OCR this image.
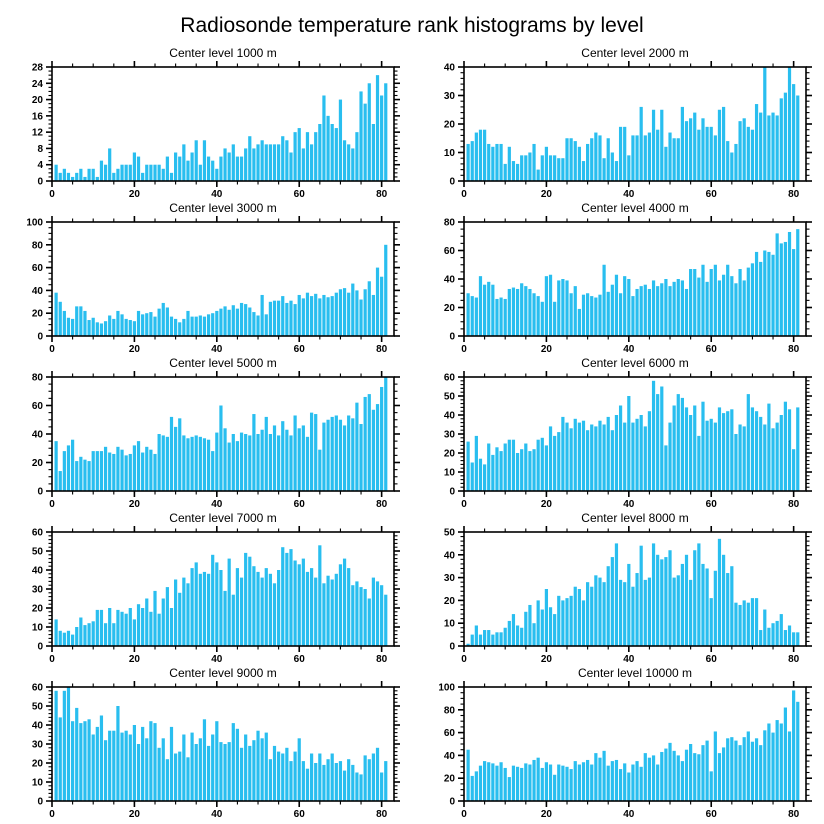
Radiosonde temperature rank histograms by level
Center level 1000 m
0
4
8
12
16
20
24
28
0	20	40	60	80
Center level 2000 m
0
10
20
30
40
0	20	40	60	80
Center level 3000 m
0
20
40
60
80
100
0	20	40	60	80
Center level 4000 m
0
20
40
60
80
0	20	40	60	80
Center level 5000 m
0
20
40
60
80
0	20	40	60	80
Center level 6000 m
0
10
20
30
40
50
60
0	20	40	60	80
Center level 7000 m
0
10
20
30
40
50
60
0	20	40	60	80
Center level 8000 m
0
10
20
30
40
50
0	20	40	60	80
Center level 9000 m
0
10
20
30
40
50
60
0	20	40	60	80
Center level 10000 m
0
20
40
60
80
100
0	20	40	60	80
